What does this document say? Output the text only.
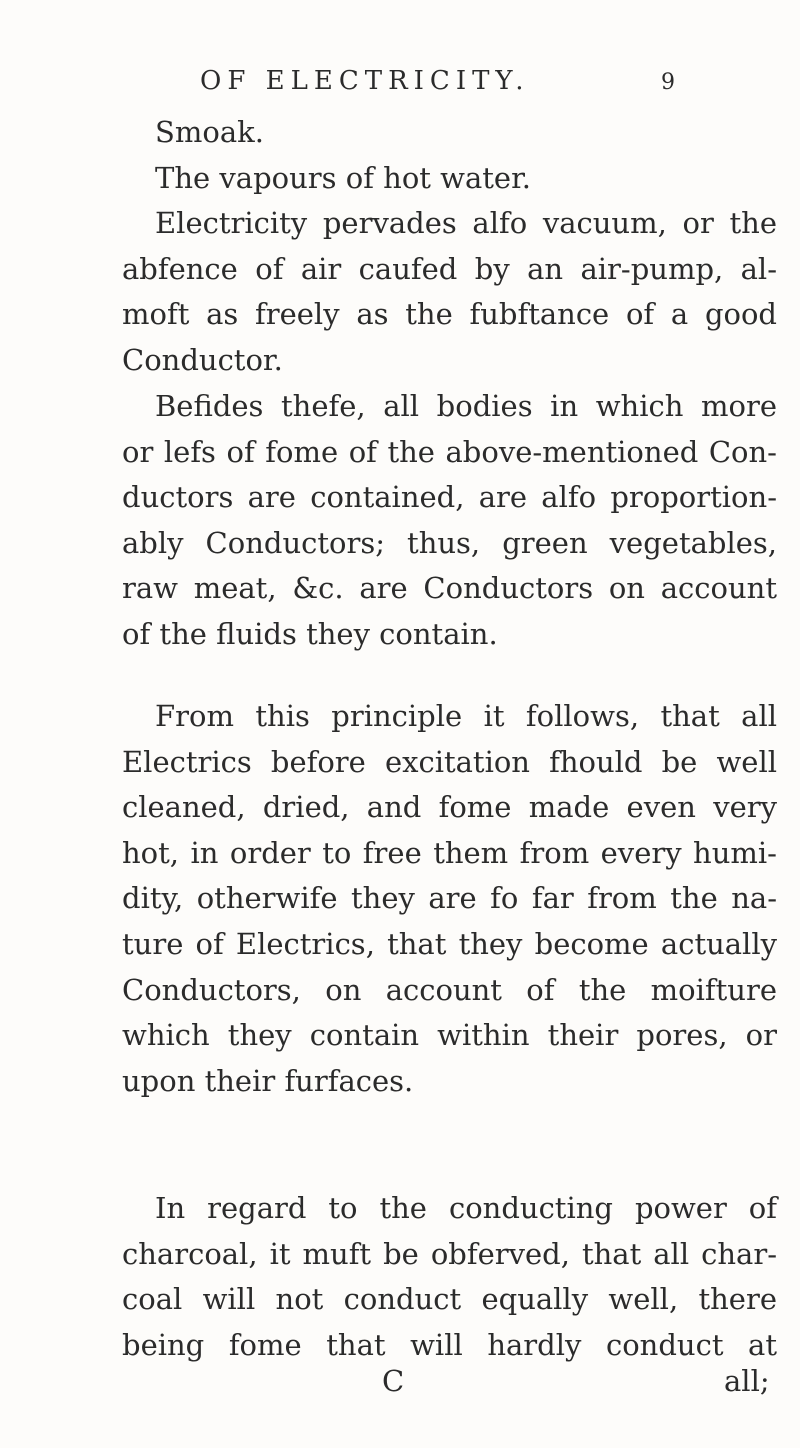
OF ELECTRICITY.	9
Smoak.
The vapours of hot water.
Electricity pervades alfo vacuum, or the
abfence of air caufed by an air-pump, al-
moft as freely as the fubftance of a good
Conductor.
Befides thefe, all bodies in which more
or lefs of fome of the above-mentioned Con-
ductors are contained, are alfo proportion-
ably Conductors; thus, green vegetables,
raw meat, &c. are Conductors on account
of the fluids they contain.
From this principle it follows, that all
Electrics before excitation fhould be well
cleaned, dried, and fome made even very
hot, in order to free them from every humi-
dity, otherwife they are fo far from the na-
ture of Electrics, that they become actually
Conductors, on account of the moifture
which they contain within their pores, or
upon their furfaces.
In regard to the conducting power of
charcoal, it muft be obferved, that all char-
coal will not conduct equally well, there
being fome that will hardly conduct at
C	all;
